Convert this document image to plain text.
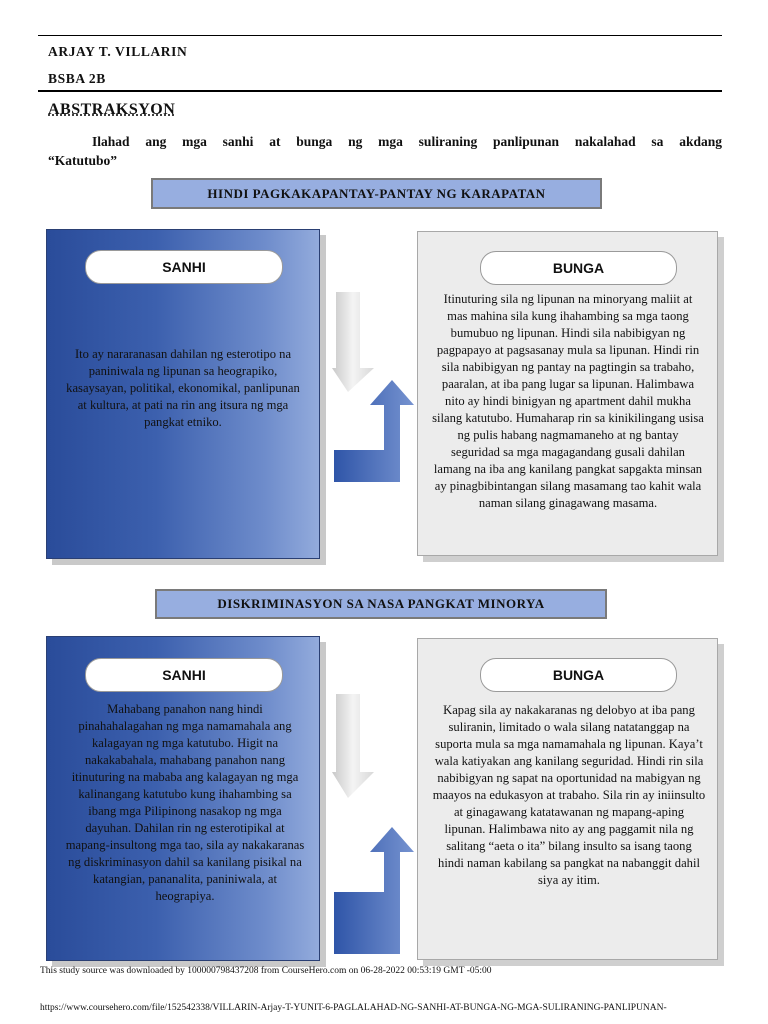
ARJAY T. VILLARIN
BSBA 2B
ABSTRAKSYON
Ilahad ang mga sanhi at bunga ng mga suliraning panlipunan nakalahad sa akdang
“Katutubo”
HINDI PAGKAKAPANTAY-PANTAY NG KARAPATAN
SANHI
Ito ay nararanasan dahilan ng esterotipo na paniniwala ng lipunan sa heograpiko, kasaysayan, politikal, ekonomikal, panlipunan at kultura, at pati na rin ang itsura ng mga pangkat etniko.
BUNGA
Itinuturing sila ng lipunan na minoryang maliit at mas mahina sila kung ihahambing sa mga taong bumubuo ng lipunan. Hindi sila nabibigyan ng pagpapayo at pagsasanay mula sa lipunan. Hindi rin sila nabibigyan ng pantay na pagtingin sa trabaho, paaralan, at iba pang lugar sa lipunan. Halimbawa nito ay hindi binigyan ng apartment dahil mukha silang katutubo. Humaharap rin sa kinikilingang usisa ng pulis habang nagmamaneho at ng bantay seguridad sa mga magagandang gusali dahilan lamang na iba ang kanilang pangkat sapgakta minsan ay pinagbibintangan silang masamang tao kahit wala naman silang ginagawang masama.
DISKRIMINASYON SA NASA PANGKAT MINORYA
SANHI
Mahabang panahon nang hindi pinahahalagahan ng mga namamahala ang kalagayan ng mga katutubo. Higit na nakakabahala, mahabang panahon nang itinuturing na mababa ang kalagayan ng mga kalinangang katutubo kung ihahambing sa ibang mga Pilipinong nasakop ng mga dayuhan. Dahilan rin ng esterotipikal at mapang-insultong mga tao, sila ay nakakaranas ng diskriminasyon dahil sa kanilang pisikal na katangian, pananalita, paniniwala, at heograpiya.
BUNGA
Kapag sila ay nakakaranas ng delobyo at iba pang suliranin, limitado o wala silang natatanggap na suporta mula sa mga namamahala ng lipunan. Kaya’t wala katiyakan ang kanilang seguridad. Hindi rin sila nabibigyan ng sapat na oportunidad na mabigyan ng maayos na edukasyon at trabaho. Sila rin ay iniinsulto at ginagawang katatawanan ng mapang-aping lipunan. Halimbawa nito ay ang paggamit nila ng salitang “aeta o ita” bilang insulto sa isang taong hindi naman kabilang sa pangkat na nabanggit dahil siya ay itim.
This study source was downloaded by 100000798437208 from CourseHero.com on 06-28-2022 00:53:19 GMT -05:00
https://www.coursehero.com/file/152542338/VILLARIN-Arjay-T-YUNIT-6-PAGLALAHAD-NG-SANHI-AT-BUNGA-NG-MGA-SULIRANING-PANLIPUNAN-
